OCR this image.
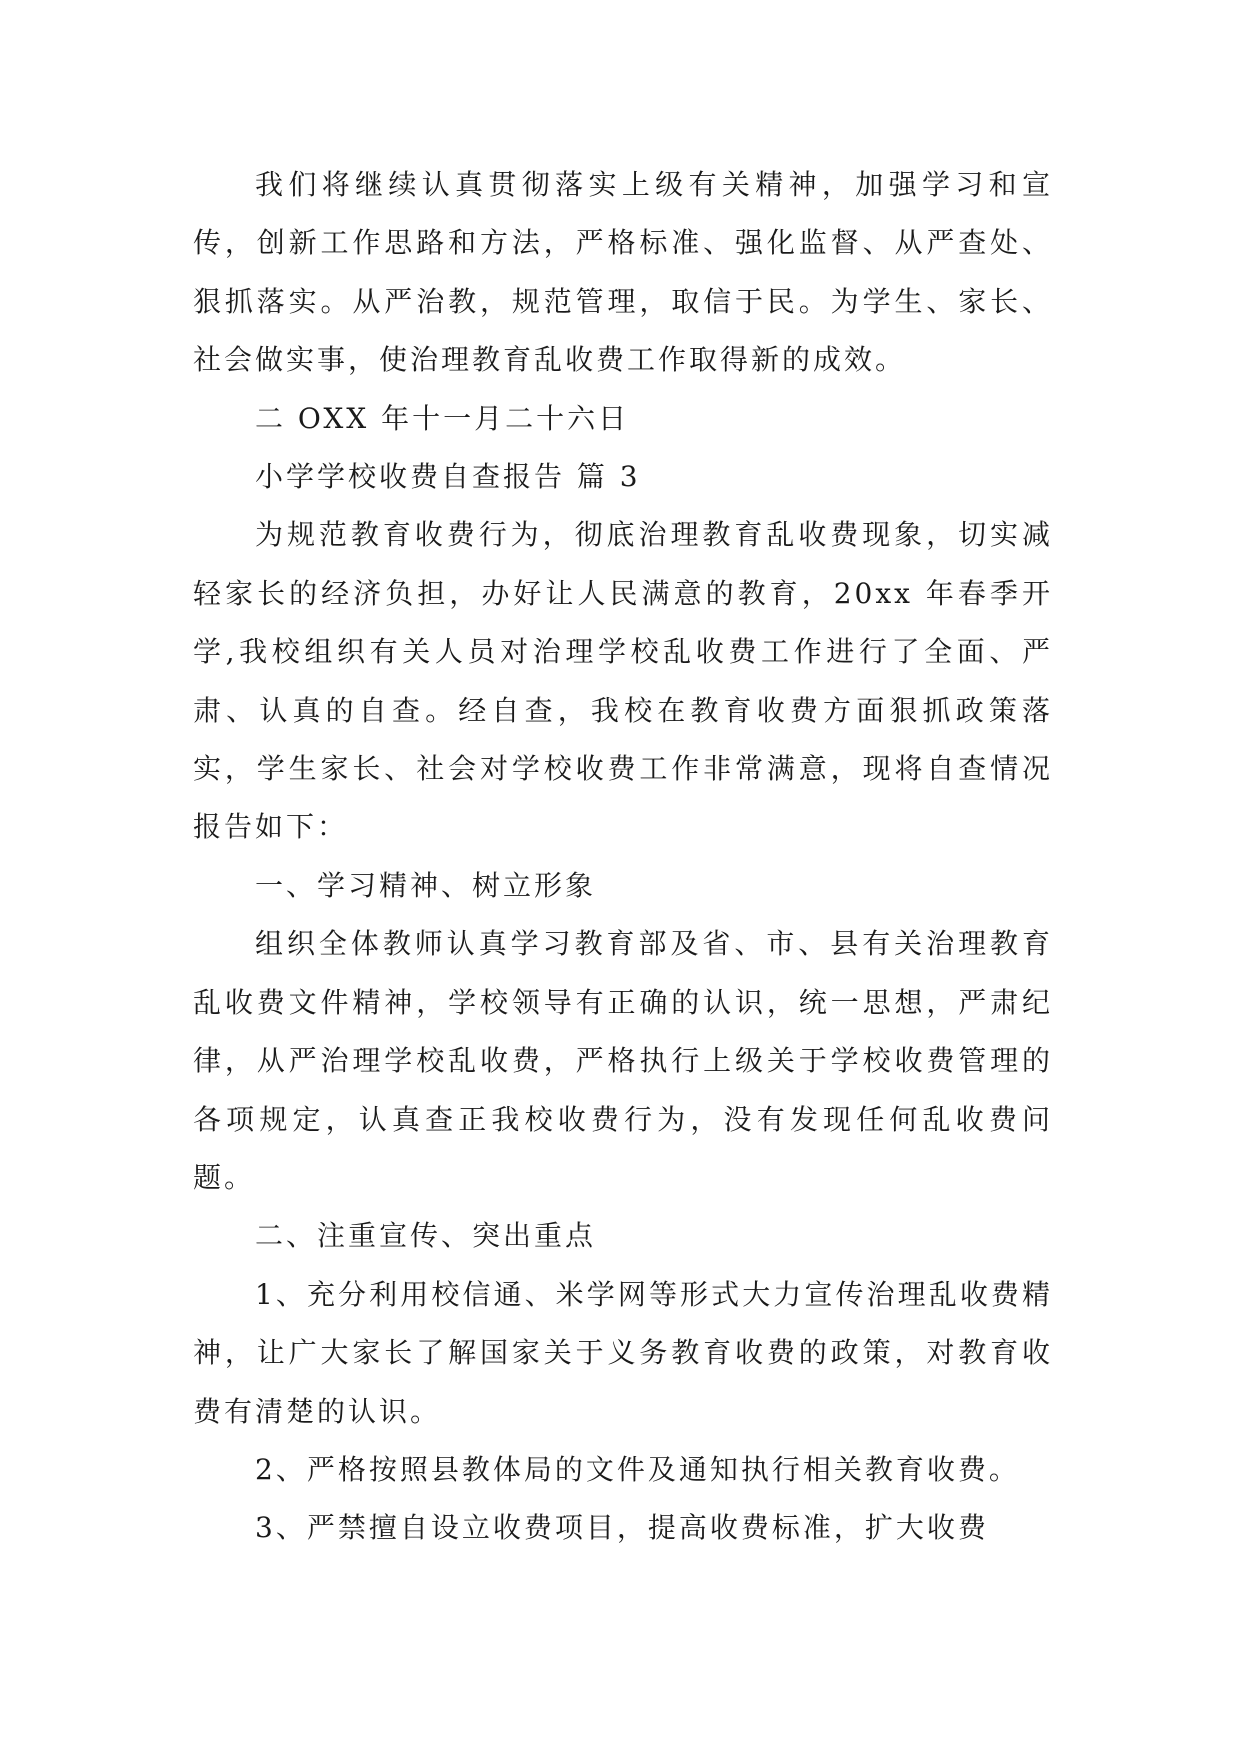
我们将继续认真贯彻落实上级有关精神，加强学习和宣传，创新工作思路和方法，严格标准、强化监督、从严查处、狠抓落实。从严治教，规范管理，取信于民。为学生、家长、社会做实事，使治理教育乱收费工作取得新的成效。

二 OXX 年十一月二十六日

小学学校收费自查报告 篇 3

为规范教育收费行为，彻底治理教育乱收费现象，切实减轻家长的经济负担，办好让人民满意的教育，20xx 年春季开学,我校组织有关人员对治理学校乱收费工作进行了全面、严肃、认真的自查。经自查，我校在教育收费方面狠抓政策落实，学生家长、社会对学校收费工作非常满意，现将自查情况报告如下：

一、学习精神、树立形象

组织全体教师认真学习教育部及省、市、县有关治理教育乱收费文件精神，学校领导有正确的认识，统一思想，严肃纪律，从严治理学校乱收费，严格执行上级关于学校收费管理的各项规定，认真查正我校收费行为，没有发现任何乱收费问题。

二、注重宣传、突出重点

1、充分利用校信通、米学网等形式大力宣传治理乱收费精神，让广大家长了解国家关于义务教育收费的政策，对教育收费有清楚的认识。

2、严格按照县教体局的文件及通知执行相关教育收费。

3、严禁擅自设立收费项目，提高收费标准，扩大收费
